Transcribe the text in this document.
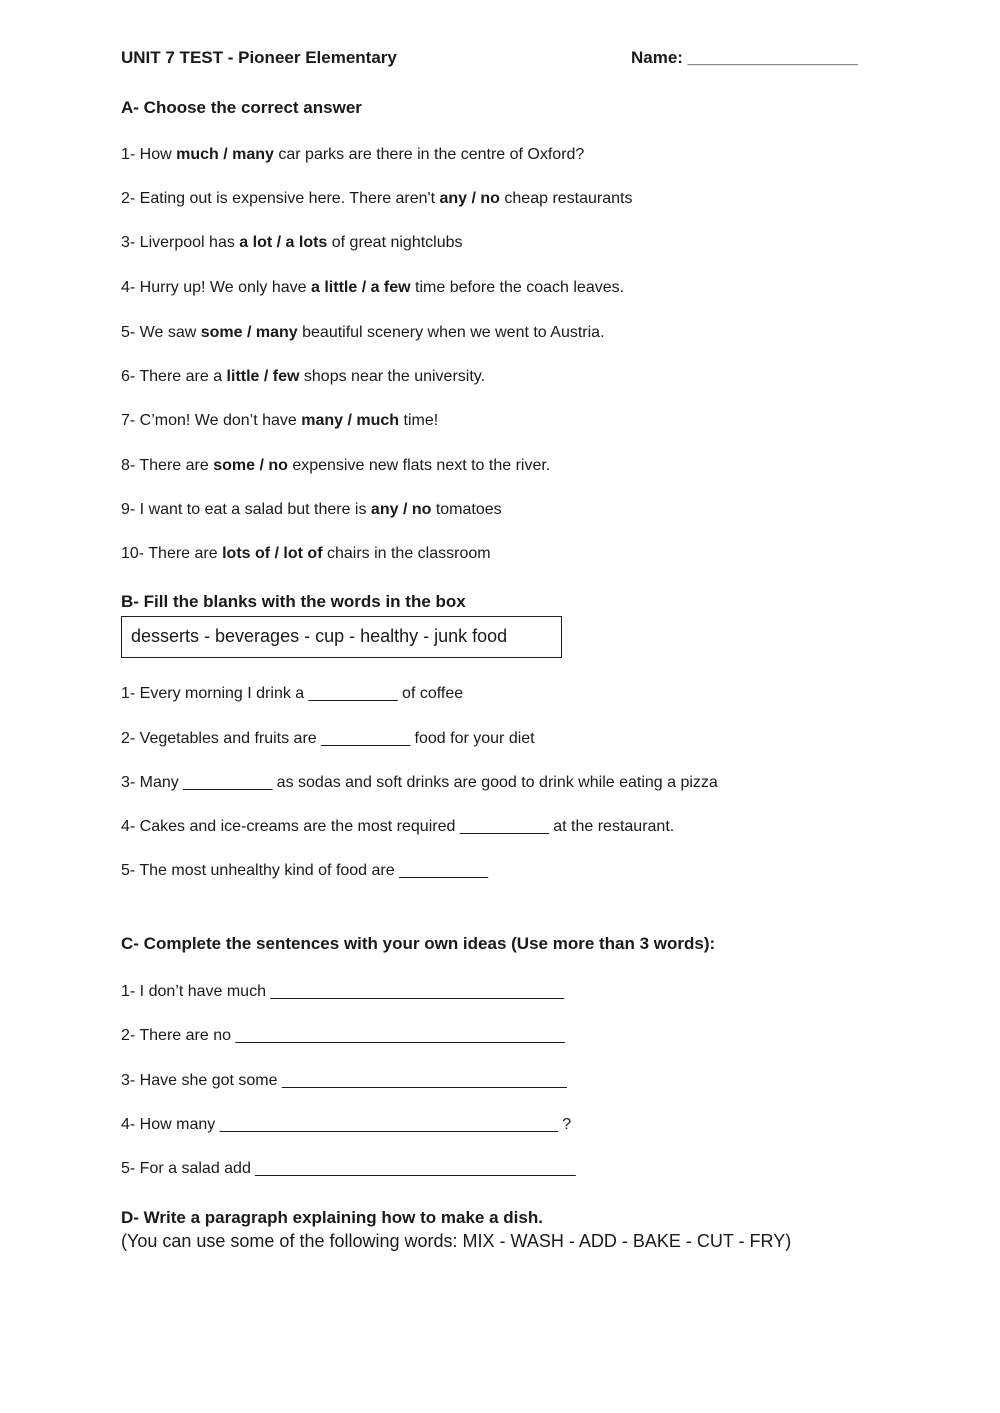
UNIT 7 TEST - Pioneer Elementary	Name: __________________
A- Choose the correct answer
1- How much / many car parks are there in the centre of Oxford?
2- Eating out is expensive here. There aren't any / no cheap restaurants
3- Liverpool has a lot / a lots of great nightclubs
4- Hurry up! We only have a little / a few time before the coach leaves.
5- We saw some / many beautiful scenery when we went to Austria.
6- There are a little / few shops near the university.
7- C’mon! We don’t have many / much time!
8- There are some / no expensive new flats next to the river.
9- I want to eat a salad but there is any / no tomatoes
10- There are lots of / lot of chairs in the classroom
B- Fill the blanks with the words in the box
desserts - beverages - cup - healthy - junk food
1- Every morning I drink a __________ of coffee
2- Vegetables and fruits are __________ food for your diet
3- Many __________ as sodas and soft drinks are good to drink while eating a pizza
4- Cakes and ice-creams are the most required __________ at the restaurant.
5- The most unhealthy kind of food are __________
C- Complete the sentences with your own ideas (Use more than 3 words):
1- I don’t have much _________________________________
2- There are no _____________________________________
3- Have she got some ________________________________
4- How many ______________________________________ ?
5- For a salad add ____________________________________
D- Write a paragraph explaining how to make a dish.
(You can use some of the following words: MIX - WASH - ADD - BAKE - CUT - FRY)
